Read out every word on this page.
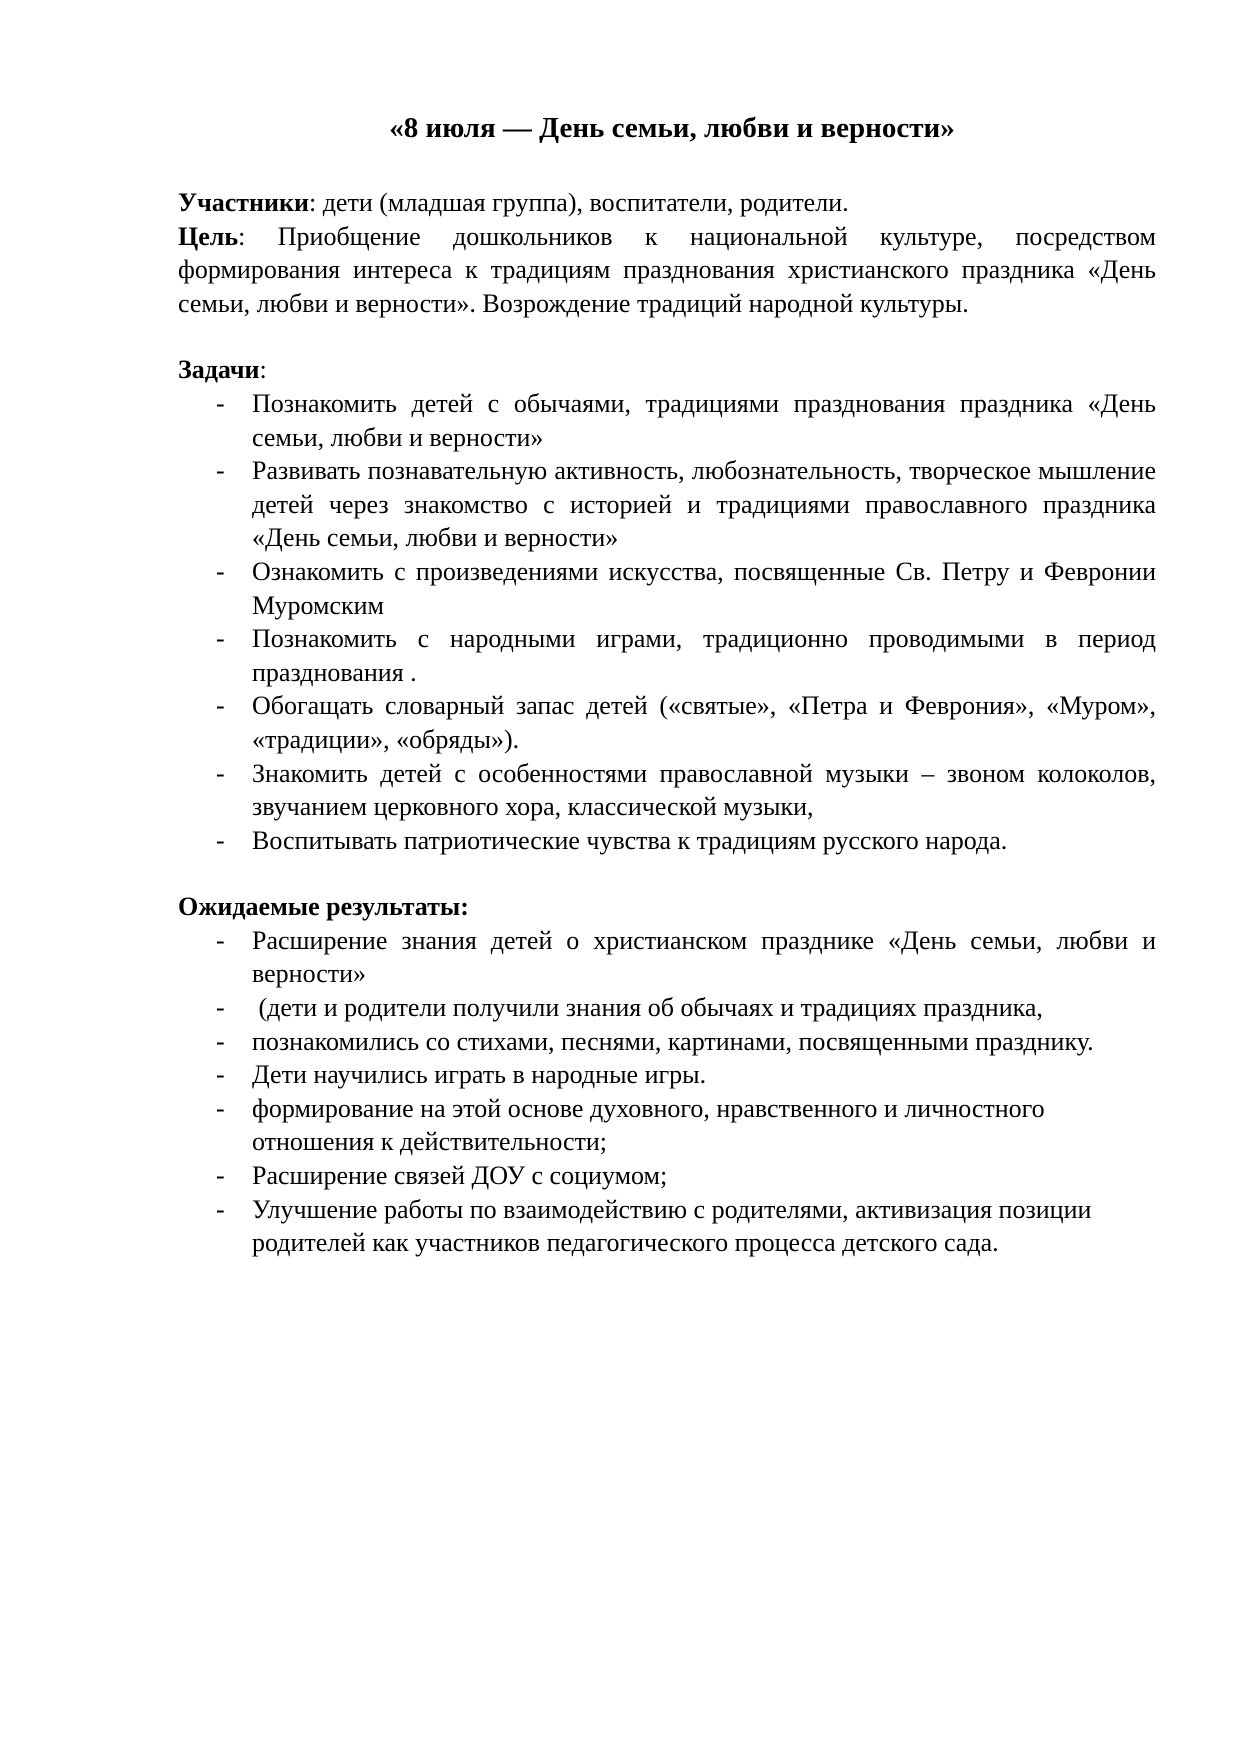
«8 июля — День семьи, любви и верности»

Участники: дети (младшая группа), воспитатели, родители.

Цель: Приобщение дошкольников к национальной культуре, посредством формирования интереса к традициям празднования христианского праздника «День семьи, любви и верности». Возрождение традиций народной культуры.

Задачи:

- Познакомить детей с обычаями, традициями празднования праздника «День семьи, любви и верности»
- Развивать познавательную активность, любознательность, творческое мышление детей через знакомство с историей и традициями православного праздника «День семьи, любви и верности»
- Ознакомить с произведениями искусства, посвященные Св. Петру и Февронии Муромским
- Познакомить с народными играми, традиционно проводимыми в период празднования .
- Обогащать словарный запас детей («святые», «Петра и Феврония», «Муром», «традиции», «обряды»).
- Знакомить детей с особенностями православной музыки – звоном колоколов, звучанием церковного хора, классической музыки,
- Воспитывать патриотические чувства к традициям русского народа.

Ожидаемые результаты:

- Расширение знания детей о христианском празднике «День семьи, любви и верности»
- (дети и родители получили знания об обычаях и традициях праздника,
- познакомились со стихами, песнями, картинами, посвященными празднику.
- Дети научились играть в народные игры.
- формирование на этой основе духовного, нравственного и личностного отношения к действительности;
- Расширение связей ДОУ с социумом;
- Улучшение работы по взаимодействию с родителями, активизация позиции родителей как участников педагогического процесса детского сада.
